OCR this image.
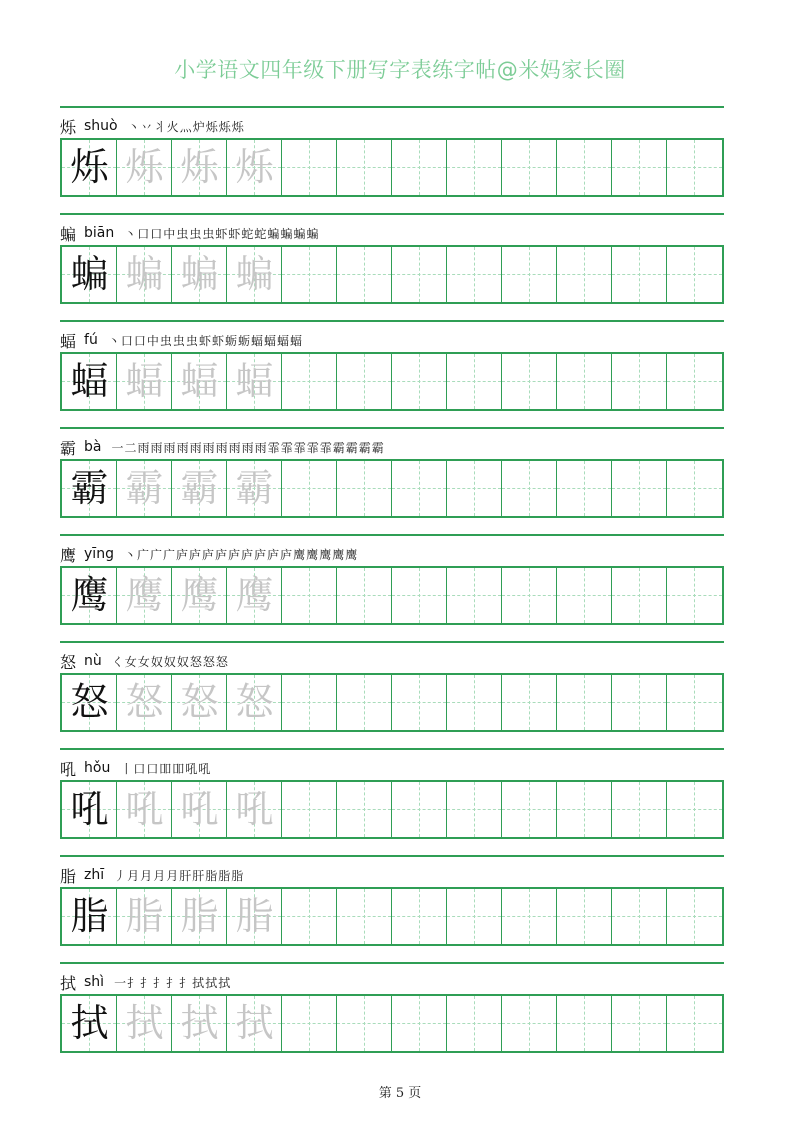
小学语文四年级下册写字表练字帖@米妈家长圈
烁 shuò 丶 丷 丬 火 灬 炉 烁 烁 烁
烁 烁 烁 烁
蝙 biān 丶 口 口 中 虫 虫 虫 虾 虾 蛇 蛇 蝙 蝙 蝙 蝙
蝙 蝙 蝙 蝙
蝠 fú 丶 口 口 中 虫 虫 虫 虾 虾 蛎 蛎 蝠 蝠 蝠 蝠
蝠 蝠 蝠 蝠
霸 bà 一 二 雨 雨 雨 雨 雨 雨 雨 雨 雨 雨 霏 霏 霏 霏 霏 霸 霸 霸 霸
霸 霸 霸 霸
鹰 yīng 丶 广 广 广 庐 庐 庐 庐 庐 庐 庐 庐 庐 鹰 鹰 鹰 鹰 鹰
鹰 鹰 鹰 鹰
怒 nù く 女 女 奴 奴 奴 怒 怒 怒
怒 怒 怒 怒
吼 hǒu 丨 口 口 吅 吅 吼 吼
吼 吼 吼 吼
脂 zhī 丿 月 月 月 月 肝 肝 脂 脂 脂
脂 脂 脂 脂
拭 shì 一 扌 扌 扌 扌 扌 拭 拭 拭
拭 拭 拭 拭
第 5 页
